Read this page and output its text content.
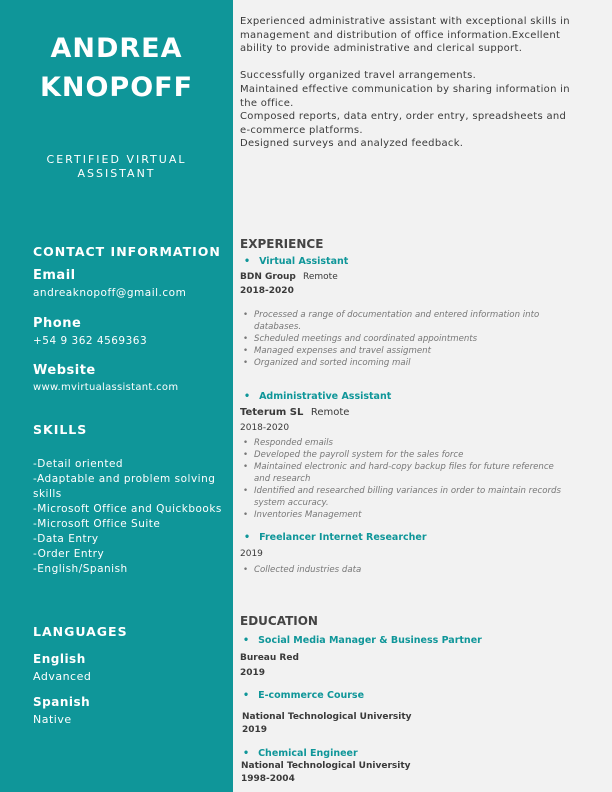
ANDREA
KNOPOFF
CERTIFIED VIRTUAL
ASSISTANT
CONTACT INFORMATION
Email
andreaknopoff@gmail.com
Phone
+54 9 362 4569363
Website
www.mvirtualassistant.com
SKILLS
-Detail oriented
-Adaptable and problem solving skills
-Microsoft Office and Quickbooks
-Microsoft Office Suite
-Data Entry
-Order Entry
-English/Spanish
LANGUAGES
English
Advanced
Spanish
Native

Experienced administrative assistant with exceptional skills in management and distribution of office information.Excellent ability to provide administrative and clerical support.

Successfully organized travel arrangements.
Maintained effective communication by sharing information in the office.
Composed reports, data entry, order entry, spreadsheets and e-commerce platforms.
Designed surveys and analyzed feedback.

EXPERIENCE
• Virtual Assistant
BDN Group Remote
2018-2020
• Processed a range of documentation and entered information into databases.
• Scheduled meetings and coordinated appointments
• Managed expenses and travel assigment
• Organized and sorted incoming mail
• Administrative Assistant
Teterum SL Remote
2018-2020
• Responded emails
• Developed the payroll system for the sales force
• Maintained electronic and hard-copy backup files for future reference and research
• Identified and researched billing variances in order to maintain records system accuracy.
• Inventories Management
• Freelancer Internet Researcher
2019
• Collected industries data
EDUCATION
• Social Media Manager & Business Partner
Bureau Red
2019
• E-commerce Course
National Technological University
2019
• Chemical Engineer
National Technological University
1998-2004
